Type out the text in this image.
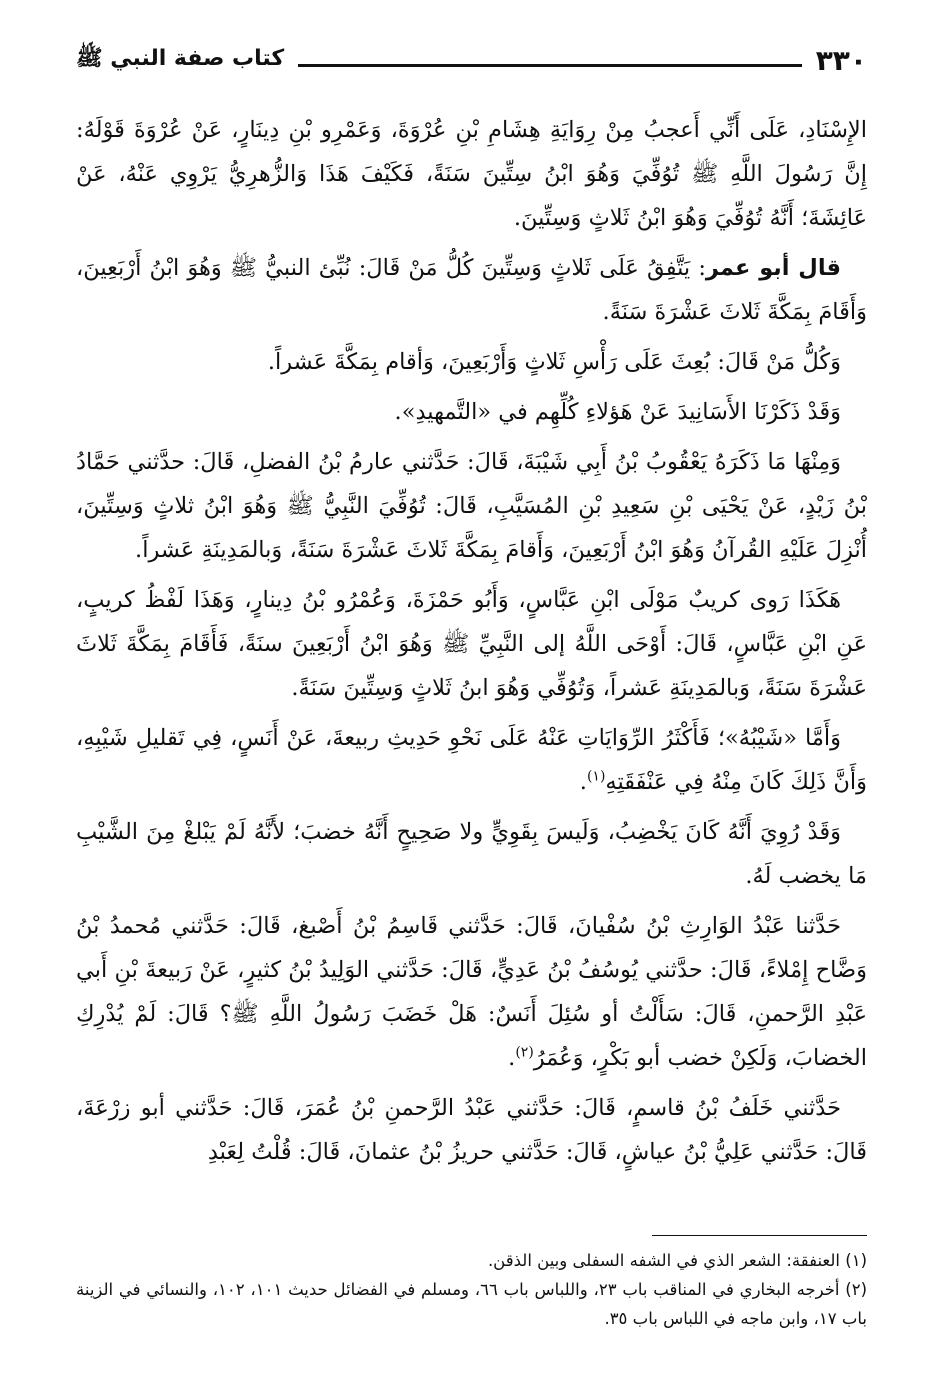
٣٣٠
كتاب صفة النبي ﷺ

الإِسْنَادِ، عَلَى أَنِّي أَعجبُ مِنْ رِوَايَةِ هِشَامِ بْنِ عُرْوَةَ، وَعَمْرِو بْنِ دِينَارٍ، عَنْ عُرْوَةَ قَوْلَهُ: إِنَّ رَسُولَ اللَّهِ ﷺ تُوُفِّيَ وَهُوَ ابْنُ سِتِّينَ سَنَةً، فَكَيْفَ هَذَا وَالزُّهرِيُّ يَرْوِي عَنْهُ، عَنْ عَائِشَةَ؛ أَنَّهُ تُوُفِّيَ وَهُوَ ابْنُ ثَلاثٍ وَسِتِّينَ.

قال أبو عمر: يَتَّفِقُ عَلَى ثَلاثٍ وَسِتِّينَ كُلُّ مَنْ قَالَ: نُبِّئ النبيُّ ﷺ وَهُوَ ابْنُ أَرْبَعِينَ، وَأَقَامَ بِمَكَّةَ ثَلاثَ عَشْرَةَ سَنَةً.

وَكُلُّ مَنْ قَالَ: بُعِثَ عَلَى رَأْسِ ثَلاثٍ وَأَرْبَعِينَ، وَأقام بِمَكَّةَ عَشراً.

وَقَدْ ذَكَرْنَا الأَسَانِيدَ عَنْ هَؤلاءِ كُلِّهِم في «التَّمهيدِ».

وَمِنْهَا مَا ذَكَرَهُ يَعْقُوبُ بْنُ أَبِي شَيْبَةَ، قَالَ: حَدَّثني عارمُ بْنُ الفضلِ، قَالَ: حدَّثني حَمَّادُ بْنُ زَيْدٍ، عَنْ يَحْيَى بْنِ سَعِيدِ بْنِ المُسَيَّبِ، قَالَ: تُوُفِّيَ النَّبِيُّ ﷺ وَهُوَ ابْنُ ثلاثٍ وَسِتِّينَ، أُنْزِلَ عَلَيْهِ القُرآنُ وَهُوَ ابْنُ أَرْبَعِينَ، وَأَقامَ بِمَكَّةَ ثَلاثَ عَشْرَةَ سَنَةً، وَبالمَدِينَةِ عَشراً.

هَكَذَا رَوى كريبٌ مَوْلَى ابْنِ عَبَّاسٍ، وَأَبُو حَمْزَةَ، وَعُمْرُو بْنُ دِينارٍ، وَهَذَا لَفْظُ كريبٍ، عَنِ ابْنِ عَبَّاسٍ، قَالَ: أَوْحَى اللَّهُ إلى النَّبِيِّ ﷺ وَهُوَ ابْنُ أَرْبَعِينَ سنَةً، فَأَقَامَ بِمَكَّةَ ثَلاثَ عَشْرَةَ سَنَةً، وَبالمَدِينَةِ عَشراً، وَتُوُفِّي وَهُوَ ابنُ ثَلاثٍ وَسِتِّينَ سَنَةً.

وَأَمَّا «شَيْبُهُ»؛ فَأَكْثَرُ الرِّوَايَاتِ عَنْهُ عَلَى نَحْوِ حَدِيثِ ربيعةَ، عَنْ أَنَسٍ، فِي تَقليلِ شَيْبِهِ، وَأَنَّ ذَلِكَ كَانَ مِنْهُ فِي عَنْفَقَتِهِ$^{(١)}$.

وَقَدْ رُوِيَ أَنَّهُ كَانَ يَخْضِبُ، وَلَيسَ بِقَوِيٍّ ولا صَحِيحٍ أَنَّهُ خضبَ؛ لأَنَّهُ لَمْ يَبْلغْ مِنَ الشَّيْبِ مَا يخضب لَهُ.

حَدَّثنا عَبْدُ الوَارِثِ بْنُ سُفْيانَ، قَالَ: حَدَّثني قَاسِمُ بْنُ أَصْبغ، قَالَ: حَدَّثني مُحمدُ بْنُ وَضَّاح إِمْلاءً، قَالَ: حدَّثني يُوسُفُ بْنُ عَدِيٍّ، قَالَ: حَدَّثني الوَلِيدُ بْنُ كثيرٍ، عَنْ رَبيعةَ بْنِ أَبي عَبْدِ الرَّحمنِ، قَالَ: سَأَلْتُ أو سُئِلَ أَنَسٌ: هَلْ خَضَبَ رَسُولُ اللَّهِ ﷺ؟ قَالَ: لَمْ يُدْرِكِ الخضابَ، وَلَكِنْ خضب أبو بَكْرٍ، وَعُمَرُ$^{(٢)}$.

حَدَّثني خَلَفُ بْنُ قاسمٍ، قَالَ: حَدَّثني عَبْدُ الرَّحمنِ بْنُ عُمَرَ، قَالَ: حَدَّثني أبو زرْعَةَ، قَالَ: حَدَّثني عَلِيُّ بْنُ عياشٍ، قَالَ: حَدَّثني حريزُ بْنُ عثمانَ، قَالَ: قُلْتُ لِعَبْدِ

(١) العنفقة: الشعر الذي في الشفه السفلى وبين الذقن.

(٢) أخرجه البخاري في المناقب باب ٢٣، واللباس باب ٦٦، ومسلم في الفضائل حديث ١٠١، ١٠٢، والنسائي في الزينة باب ١٧، وابن ماجه في اللباس باب ٣٥.
